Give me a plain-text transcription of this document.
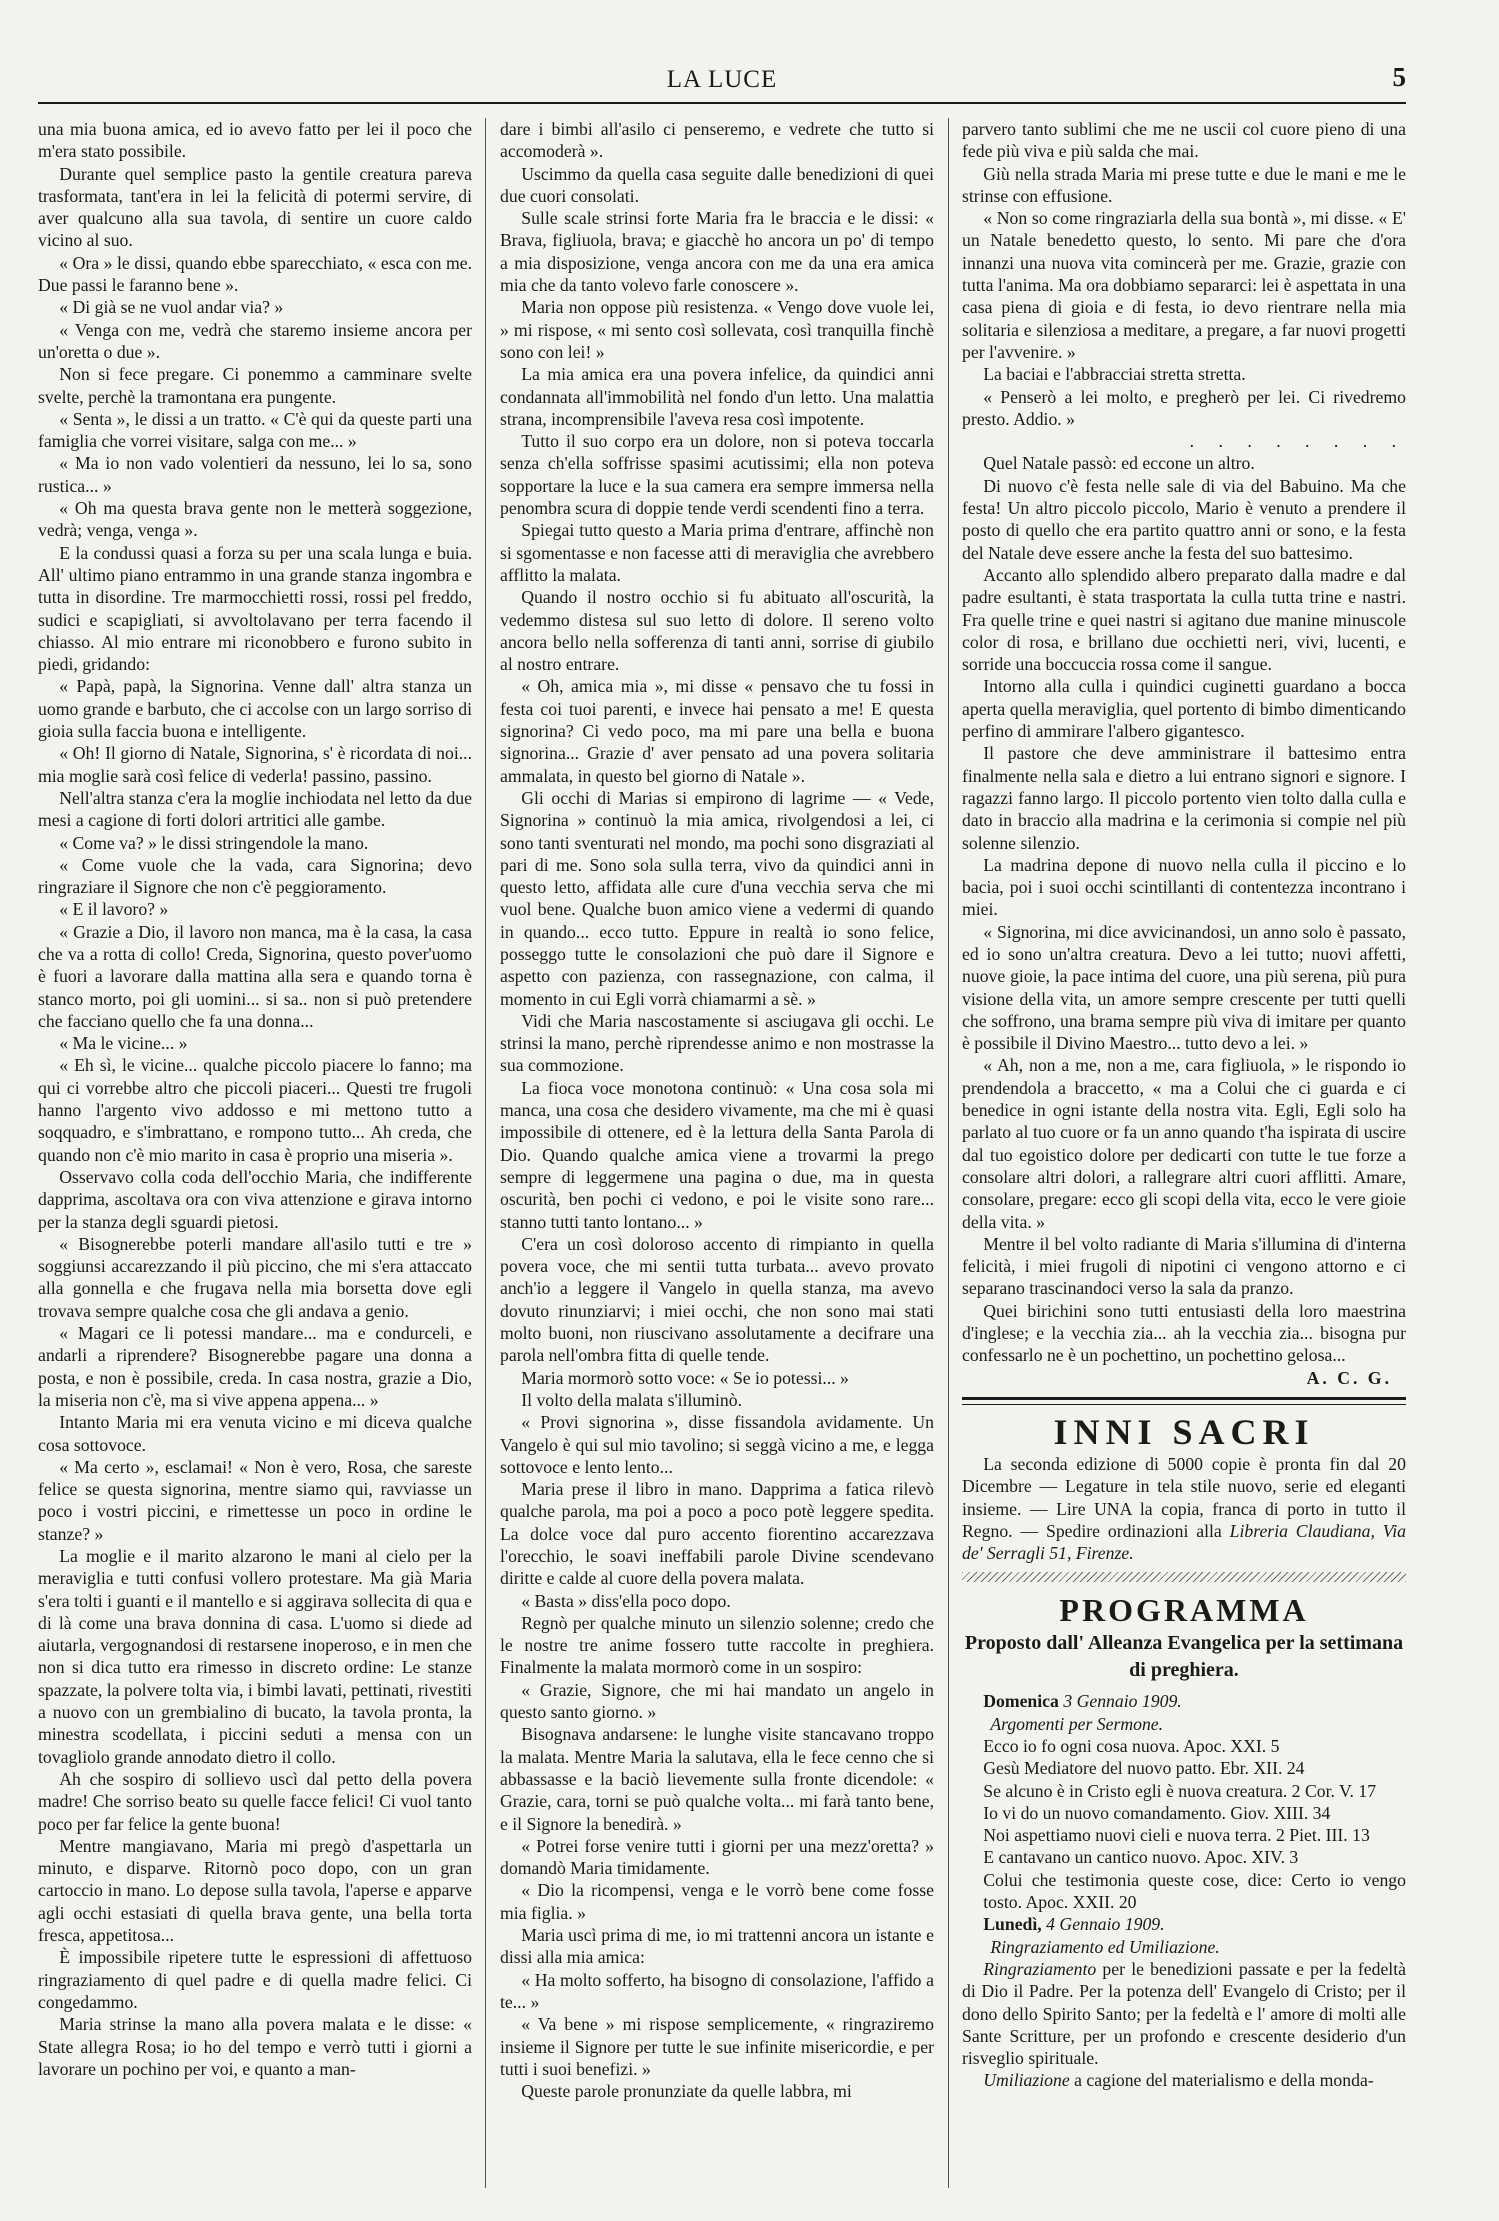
LA LUCE	5

una mia buona amica, ed io avevo fatto per lei il poco che m'era stato possibile.

Durante quel semplice pasto la gentile creatura pareva trasformata, tant'era in lei la felicità di potermi servire, di aver qualcuno alla sua tavola, di sentire un cuore caldo vicino al suo.

« Ora » le dissi, quando ebbe sparecchiato, « esca con me. Due passi le faranno bene ».

« Di già se ne vuol andar via? »

« Venga con me, vedrà che staremo insieme ancora per un'oretta o due ».

Non si fece pregare. Ci ponemmo a camminare svelte svelte, perchè la tramontana era pungente.

« Senta », le dissi a un tratto. « C'è qui da queste parti una famiglia che vorrei visitare, salga con me... »

« Ma io non vado volentieri da nessuno, lei lo sa, sono rustica... »

« Oh ma questa brava gente non le metterà soggezione, vedrà; venga, venga ».

E la condussi quasi a forza su per una scala lunga e buia. All' ultimo piano entrammo in una grande stanza ingombra e tutta in disordine. Tre marmocchietti rossi, rossi pel freddo, sudici e scapigliati, si avvoltolavano per terra facendo il chiasso. Al mio entrare mi riconobbero e furono subito in piedi, gridando:

« Papà, papà, la Signorina. Venne dall' altra stanza un uomo grande e barbuto, che ci accolse con un largo sorriso di gioia sulla faccia buona e intelligente.

« Oh! Il giorno di Natale, Signorina, s' è ricordata di noi... mia moglie sarà così felice di vederla! passino, passino.

Nell'altra stanza c'era la moglie inchiodata nel letto da due mesi a cagione di forti dolori artritici alle gambe.

« Come va? » le dissi stringendole la mano.

« Come vuole che la vada, cara Signorina; devo ringraziare il Signore che non c'è peggioramento.

« E il lavoro? »

« Grazie a Dio, il lavoro non manca, ma è la casa, la casa che va a rotta di collo! Creda, Signorina, questo pover'uomo è fuori a lavorare dalla mattina alla sera e quando torna è stanco morto, poi gli uomini... si sa.. non si può pretendere che facciano quello che fa una donna...

« Ma le vicine... »

« Eh sì, le vicine... qualche piccolo piacere lo fanno; ma qui ci vorrebbe altro che piccoli piaceri... Questi tre frugoli hanno l'argento vivo addosso e mi mettono tutto a soqquadro, e s'imbrattano, e rompono tutto... Ah creda, che quando non c'è mio marito in casa è proprio una miseria ».

Osservavo colla coda dell'occhio Maria, che indifferente dapprima, ascoltava ora con viva attenzione e girava intorno per la stanza degli sguardi pietosi.

« Bisognerebbe poterli mandare all'asilo tutti e tre » soggiunsi accarezzando il più piccino, che mi s'era attaccato alla gonnella e che frugava nella mia borsetta dove egli trovava sempre qualche cosa che gli andava a genio.

« Magari ce li potessi mandare... ma e condurceli, e andarli a riprendere? Bisognerebbe pagare una donna a posta, e non è possibile, creda. In casa nostra, grazie a Dio, la miseria non c'è, ma si vive appena appena... »

Intanto Maria mi era venuta vicino e mi diceva qualche cosa sottovoce.

« Ma certo », esclamai! « Non è vero, Rosa, che sareste felice se questa signorina, mentre siamo qui, ravviasse un poco i vostri piccini, e rimettesse un poco in ordine le stanze? »

La moglie e il marito alzarono le mani al cielo per la meraviglia e tutti confusi vollero protestare. Ma già Maria s'era tolti i guanti e il mantello e si aggirava sollecita di qua e di là come una brava donnina di casa. L'uomo si diede ad aiutarla, vergognandosi di restarsene inoperoso, e in men che non si dica tutto era rimesso in discreto ordine: Le stanze spazzate, la polvere tolta via, i bimbi lavati, pettinati, rivestiti a nuovo con un grembialino di bucato, la tavola pronta, la minestra scodellata, i piccini seduti a mensa con un tovagliolo grande annodato dietro il collo.

Ah che sospiro di sollievo uscì dal petto della povera madre! Che sorriso beato su quelle facce felici! Ci vuol tanto poco per far felice la gente buona!

Mentre mangiavano, Maria mi pregò d'aspettarla un minuto, e disparve. Ritornò poco dopo, con un gran cartoccio in mano. Lo depose sulla tavola, l'aperse e apparve agli occhi estasiati di quella brava gente, una bella torta fresca, appetitosa...

È impossibile ripetere tutte le espressioni di affettuoso ringraziamento di quel padre e di quella madre felici. Ci congedammo.

Maria strinse la mano alla povera malata e le disse: « State allegra Rosa; io ho del tempo e verrò tutti i giorni a lavorare un pochino per voi, e quanto a man-

dare i bimbi all'asilo ci penseremo, e vedrete che tutto si accomoderà ».

Uscimmo da quella casa seguite dalle benedizioni di quei due cuori consolati.

Sulle scale strinsi forte Maria fra le braccia e le dissi: « Brava, figliuola, brava; e giacchè ho ancora un po' di tempo a mia disposizione, venga ancora con me da una era amica mia che da tanto volevo farle conoscere ».

Maria non oppose più resistenza. « Vengo dove vuole lei, » mi rispose, « mi sento così sollevata, così tranquilla finchè sono con lei! »

La mia amica era una povera infelice, da quindici anni condannata all'immobilità nel fondo d'un letto. Una malattia strana, incomprensibile l'aveva resa così impotente.

Tutto il suo corpo era un dolore, non si poteva toccarla senza ch'ella soffrisse spasimi acutissimi; ella non poteva sopportare la luce e la sua camera era sempre immersa nella penombra scura di doppie tende verdi scendenti fino a terra.

Spiegai tutto questo a Maria prima d'entrare, affinchè non si sgomentasse e non facesse atti di meraviglia che avrebbero afflitto la malata.

Quando il nostro occhio si fu abituato all'oscurità, la vedemmo distesa sul suo letto di dolore. Il sereno volto ancora bello nella sofferenza di tanti anni, sorrise di giubilo al nostro entrare.

« Oh, amica mia », mi disse « pensavo che tu fossi in festa coi tuoi parenti, e invece hai pensato a me! E questa signorina? Ci vedo poco, ma mi pare una bella e buona signorina... Grazie d' aver pensato ad una povera solitaria ammalata, in questo bel giorno di Natale ».

Gli occhi di Marias si empirono di lagrime — « Vede, Signorina » continuò la mia amica, rivolgendosi a lei, ci sono tanti sventurati nel mondo, ma pochi sono disgraziati al pari di me. Sono sola sulla terra, vivo da quindici anni in questo letto, affidata alle cure d'una vecchia serva che mi vuol bene. Qualche buon amico viene a vedermi di quando in quando... ecco tutto. Eppure in realtà io sono felice, posseggo tutte le consolazioni che può dare il Signore e aspetto con pazienza, con rassegnazione, con calma, il momento in cui Egli vorrà chiamarmi a sè. »

Vidi che Maria nascostamente si asciugava gli occhi. Le strinsi la mano, perchè riprendesse animo e non mostrasse la sua commozione.

La fioca voce monotona continuò: « Una cosa sola mi manca, una cosa che desidero vivamente, ma che mi è quasi impossibile di ottenere, ed è la lettura della Santa Parola di Dio. Quando qualche amica viene a trovarmi la prego sempre di leggermene una pagina o due, ma in questa oscurità, ben pochi ci vedono, e poi le visite sono rare... stanno tutti tanto lontano... »

C'era un così doloroso accento di rimpianto in quella povera voce, che mi sentii tutta turbata... avevo provato anch'io a leggere il Vangelo in quella stanza, ma avevo dovuto rinunziarvi; i miei occhi, che non sono mai stati molto buoni, non riuscivano assolutamente a decifrare una parola nell'ombra fitta di quelle tende.

Maria mormorò sotto voce: « Se io potessi... »

Il volto della malata s'illuminò.

« Provi signorina », disse fissandola avidamente. Un Vangelo è qui sul mio tavolino; si seggà vicino a me, e legga sottovoce e lento lento...

Maria prese il libro in mano. Dapprima a fatica rilevò qualche parola, ma poi a poco a poco potè leggere spedita. La dolce voce dal puro accento fiorentino accarezzava l'orecchio, le soavi ineffabili parole Divine scendevano diritte e calde al cuore della povera malata.

« Basta » diss'ella poco dopo.

Regnò per qualche minuto un silenzio solenne; credo che le nostre tre anime fossero tutte raccolte in preghiera. Finalmente la malata mormorò come in un sospiro:

« Grazie, Signore, che mi hai mandato un angelo in questo santo giorno. »

Bisognava andarsene: le lunghe visite stancavano troppo la malata. Mentre Maria la salutava, ella le fece cenno che si abbassasse e la baciò lievemente sulla fronte dicendole: « Grazie, cara, torni se può qualche volta... mi farà tanto bene, e il Signore la benedirà. »

« Potrei forse venire tutti i giorni per una mezz'oretta? » domandò Maria timidamente.

« Dio la ricompensi, venga e le vorrò bene come fosse mia figlia. »

Maria uscì prima di me, io mi trattenni ancora un istante e dissi alla mia amica:

« Ha molto sofferto, ha bisogno di consolazione, l'affido a te... »

« Va bene » mi rispose semplicemente, « ringraziremo insieme il Signore per tutte le sue infinite misericordie, e per tutti i suoi benefizi. »

Queste parole pronunziate da quelle labbra, mi

parvero tanto sublimi che me ne uscii col cuore pieno di una fede più viva e più salda che mai.

Giù nella strada Maria mi prese tutte e due le mani e me le strinse con effusione.

« Non so come ringraziarla della sua bontà », mi disse. « E' un Natale benedetto questo, lo sento. Mi pare che d'ora innanzi una nuova vita comincerà per me. Grazie, grazie con tutta l'anima. Ma ora dobbiamo separarci: lei è aspettata in una casa piena di gioia e di festa, io devo rientrare nella mia solitaria e silenziosa a meditare, a pregare, a far nuovi progetti per l'avvenire. »

La baciai e l'abbracciai stretta stretta.

« Penserò a lei molto, e pregherò per lei. Ci rivedremo presto. Addio. »

. . . . . . . .

Quel Natale passò: ed eccone un altro.

Di nuovo c'è festa nelle sale di via del Babuino. Ma che festa! Un altro piccolo piccolo, Mario è venuto a prendere il posto di quello che era partito quattro anni or sono, e la festa del Natale deve essere anche la festa del suo battesimo.

Accanto allo splendido albero preparato dalla madre e dal padre esultanti, è stata trasportata la culla tutta trine e nastri. Fra quelle trine e quei nastri si agitano due manine minuscole color di rosa, e brillano due occhietti neri, vivi, lucenti, e sorride una boccuccia rossa come il sangue.

Intorno alla culla i quindici cuginetti guardano a bocca aperta quella meraviglia, quel portento di bimbo dimenticando perfino di ammirare l'albero gigantesco.

Il pastore che deve amministrare il battesimo entra finalmente nella sala e dietro a lui entrano signori e signore. I ragazzi fanno largo. Il piccolo portento vien tolto dalla culla e dato in braccio alla madrina e la cerimonia si compie nel più solenne silenzio.

La madrina depone di nuovo nella culla il piccino e lo bacia, poi i suoi occhi scintillanti di contentezza incontrano i miei.

« Signorina, mi dice avvicinandosi, un anno solo è passato, ed io sono un'altra creatura. Devo a lei tutto; nuovi affetti, nuove gioie, la pace intima del cuore, una più serena, più pura visione della vita, un amore sempre crescente per tutti quelli che soffrono, una brama sempre più viva di imitare per quanto è possibile il Divino Maestro... tutto devo a lei. »

« Ah, non a me, non a me, cara figliuola, » le rispondo io prendendola a braccetto, « ma a Colui che ci guarda e ci benedice in ogni istante della nostra vita. Egli, Egli solo ha parlato al tuo cuore or fa un anno quando t'ha ispirata di uscire dal tuo egoistico dolore per dedicarti con tutte le tue forze a consolare altri dolori, a rallegrare altri cuori afflitti. Amare, consolare, pregare: ecco gli scopi della vita, ecco le vere gioie della vita. »

Mentre il bel volto radiante di Maria s'illumina di d'interna felicità, i miei frugoli di nipotini ci vengono attorno e ci separano trascinandoci verso la sala da pranzo.

Quei birichini sono tutti entusiasti della loro maestrina d'inglese; e la vecchia zia... ah la vecchia zia... bisogna pur confessarlo ne è un pochettino, un pochettino gelosa...

A. C. G.

INNI SACRI

La seconda edizione di 5000 copie è pronta fin dal 20 Dicembre — Legature in tela stile nuovo, serie ed eleganti insieme. — Lire UNA la copia, franca di porto in tutto il Regno. — Spedire ordinazioni alla Libreria Claudiana, Via de' Serragli 51, Firenze.

PROGRAMMA
Proposto dall' Alleanza Evangelica per la settimana di preghiera.

Domenica 3 Gennaio 1909.

Argomenti per Sermone.

Ecco io fo ogni cosa nuova. Apoc. XXI. 5

Gesù Mediatore del nuovo patto. Ebr. XII. 24

Se alcuno è in Cristo egli è nuova creatura. 2 Cor. V. 17

Io vi do un nuovo comandamento. Giov. XIII. 34

Noi aspettiamo nuovi cieli e nuova terra. 2 Piet. III. 13

E cantavano un cantico nuovo. Apoc. XIV. 3

Colui che testimonia queste cose, dice: Certo io vengo tosto. Apoc. XXII. 20

Lunedì, 4 Gennaio 1909.

Ringraziamento ed Umiliazione.

Ringraziamento per le benedizioni passate e per la fedeltà di Dio il Padre. Per la potenza dell' Evangelo di Cristo; per il dono dello Spirito Santo; per la fedeltà e l' amore di molti alle Sante Scritture, per un profondo e crescente desiderio d'un risveglio spirituale.

Umiliazione a cagione del materialismo e della monda-
